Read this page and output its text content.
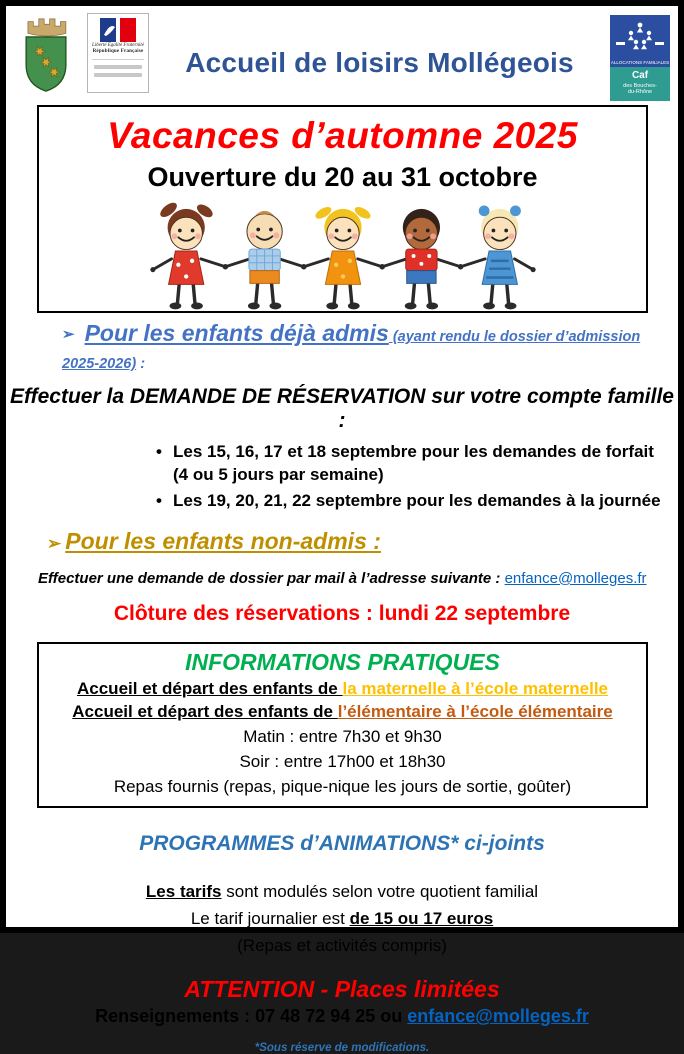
Liberté Égalité Fraternité
République Française	Accueil de loisirs Mollégeois	ALLOCATIONS FAMILIALES
Caf
des Bouches-
du-Rhône
Vacances d’automne 2025
Ouverture du 20 au 31 octobre
➢ Pour les enfants déjà admis (ayant rendu le dossier d’admission 2025-2026) :
Effectuer la DEMANDE DE RÉSERVATION sur votre compte famille :
• Les 15, 16, 17 et 18 septembre pour les demandes de forfait
(4 ou 5 jours par semaine)
• Les 19, 20, 21, 22 septembre pour les demandes à la journée
➢ Pour les enfants non-admis :
Effectuer une demande de dossier par mail à l’adresse suivante : enfance@molleges.fr
Clôture des réservations : lundi 22 septembre
INFORMATIONS PRATIQUES
Accueil et départ des enfants de la maternelle à l’école maternelle
Accueil et départ des enfants de l’élémentaire à l’école élémentaire
Matin : entre 7h30 et 9h30
Soir : entre 17h00 et 18h30
Repas fournis (repas, pique-nique les jours de sortie, goûter)
PROGRAMMES d’ANIMATIONS* ci-joints
Les tarifs sont modulés selon votre quotient familial
Le tarif journalier est de 15 ou 17 euros
(Repas et activités compris)
ATTENTION - Places limitées
Renseignements : 07 48 72 94 25 ou enfance@molleges.fr
*Sous réserve de modifications.
